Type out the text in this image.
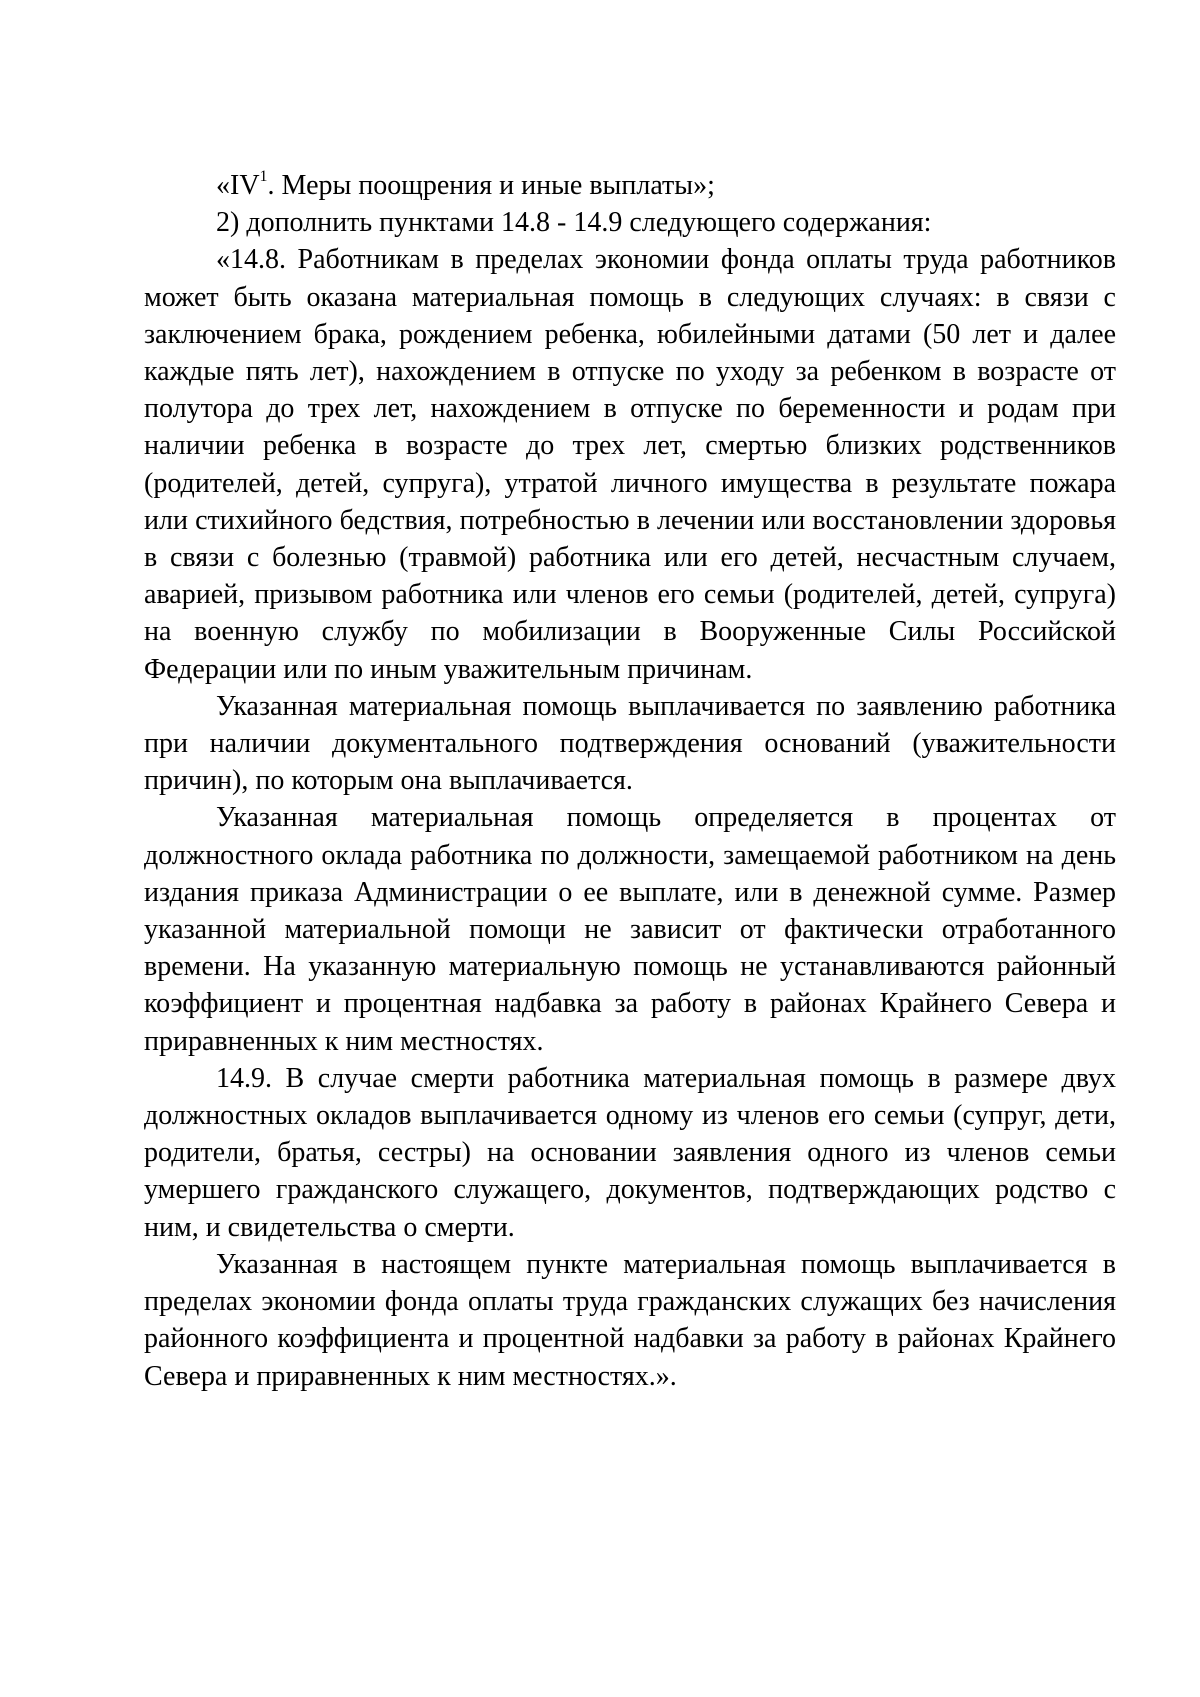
«$IV^1$. Меры поощрения и иные выплаты»;

2) дополнить пунктами 14.8 - 14.9 следующего содержания:

«14.8. Работникам в пределах экономии фонда оплаты труда работников может быть оказана материальная помощь в следующих случаях: в связи с заключением брака, рождением ребенка, юбилейными датами (50 лет и далее каждые пять лет), нахождением в отпуске по уходу за ребенком в возрасте от полутора до трех лет, нахождением в отпуске по беременности и родам при наличии ребенка в возрасте до трех лет, смертью близких родственников (родителей, детей, супруга), утратой личного имущества в результате пожара или стихийного бедствия, потребностью в лечении или восстановлении здоровья в связи с болезнью (травмой) работника или его детей, несчастным случаем, аварией, призывом работника или членов его семьи (родителей, детей, супруга) на военную службу по мобилизации в Вооруженные Силы Российской Федерации или по иным уважительным причинам.

Указанная материальная помощь выплачивается по заявлению работника при наличии документального подтверждения оснований (уважительности причин), по которым она выплачивается.

Указанная материальная помощь определяется в процентах от должностного оклада работника по должности, замещаемой работником на день издания приказа Администрации о ее выплате, или в денежной сумме. Размер указанной материальной помощи не зависит от фактически отработанного времени. На указанную материальную помощь не устанавливаются районный коэффициент и процентная надбавка за работу в районах Крайнего Севера и приравненных к ним местностях.

14.9. В случае смерти работника материальная помощь в размере двух должностных окладов выплачивается одному из членов его семьи (супруг, дети, родители, братья, сестры) на основании заявления одного из членов семьи умершего гражданского служащего, документов, подтверждающих родство с ним, и свидетельства о смерти.

Указанная в настоящем пункте материальная помощь выплачивается в пределах экономии фонда оплаты труда гражданских служащих без начисления районного коэффициента и процентной надбавки за работу в районах Крайнего Севера и приравненных к ним местностях.».
